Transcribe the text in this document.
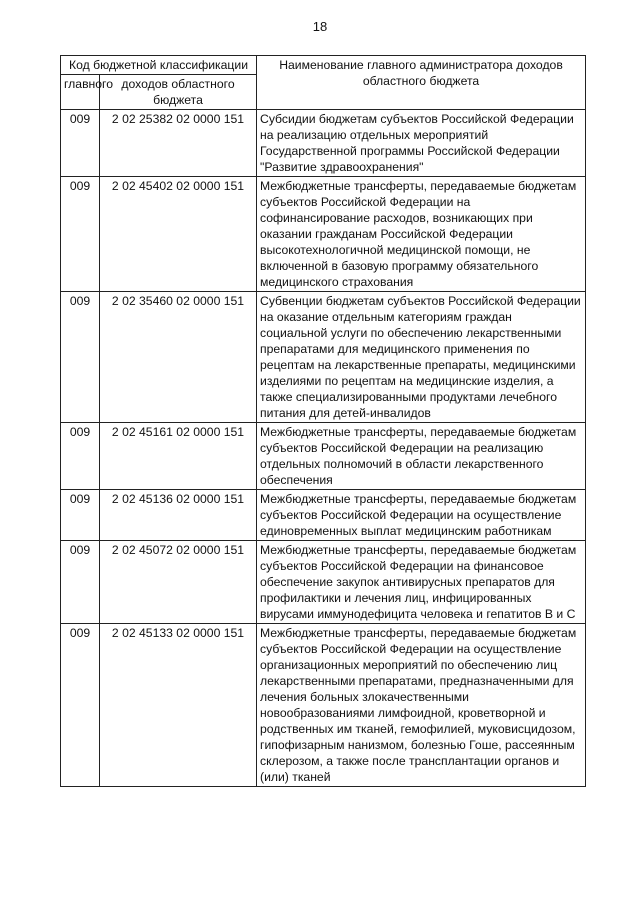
18
Код бюджетной классификации		Наименование главного администратора доходов областного бюджета
главного	доходов областного бюджета	
009	2 02 25382 02 0000 151	Субсидии бюджетам субъектов Российской Федерации на реализацию отдельных мероприятий Государственной программы Российской Федерации "Развитие здравоохранения"
009	2 02 45402 02 0000 151	Межбюджетные трансферты, передаваемые бюджетам субъектов Российской Федерации на софинансирование расходов, возникающих при оказании гражданам Российской Федерации высокотехнологичной медицинской помощи, не включенной в базовую программу обязательного медицинского страхования
009	2 02 35460 02 0000 151	Субвенции бюджетам субъектов Российской Федерации на оказание отдельным категориям граждан социальной услуги по обеспечению лекарственными препаратами для медицинского применения по рецептам на лекарственные препараты, медицинскими изделиями по рецептам на медицинские изделия, а также специализированными продуктами лечебного питания для детей-инвалидов
009	2 02 45161 02 0000 151	Межбюджетные трансферты, передаваемые бюджетам субъектов Российской Федерации на реализацию отдельных полномочий в области лекарственного обеспечения
009	2 02 45136 02 0000 151	Межбюджетные трансферты, передаваемые бюджетам субъектов Российской Федерации на осуществление единовременных выплат медицинским работникам
009	2 02 45072 02 0000 151	Межбюджетные трансферты, передаваемые бюджетам субъектов Российской Федерации на финансовое обеспечение закупок антивирусных препаратов для профилактики и лечения лиц, инфицированных вирусами иммунодефицита человека и гепатитов B и C
009	2 02 45133 02 0000 151	Межбюджетные трансферты, передаваемые бюджетам субъектов Российской Федерации на осуществление организационных мероприятий по обеспечению лиц лекарственными препаратами, предназначенными для лечения больных злокачественными новообразованиями лимфоидной, кроветворной и родственных им тканей, гемофилией, муковисцидозом, гипофизарным нанизмом, болезнью Гоше, рассеянным склерозом, а также после трансплантации органов и (или) тканей
